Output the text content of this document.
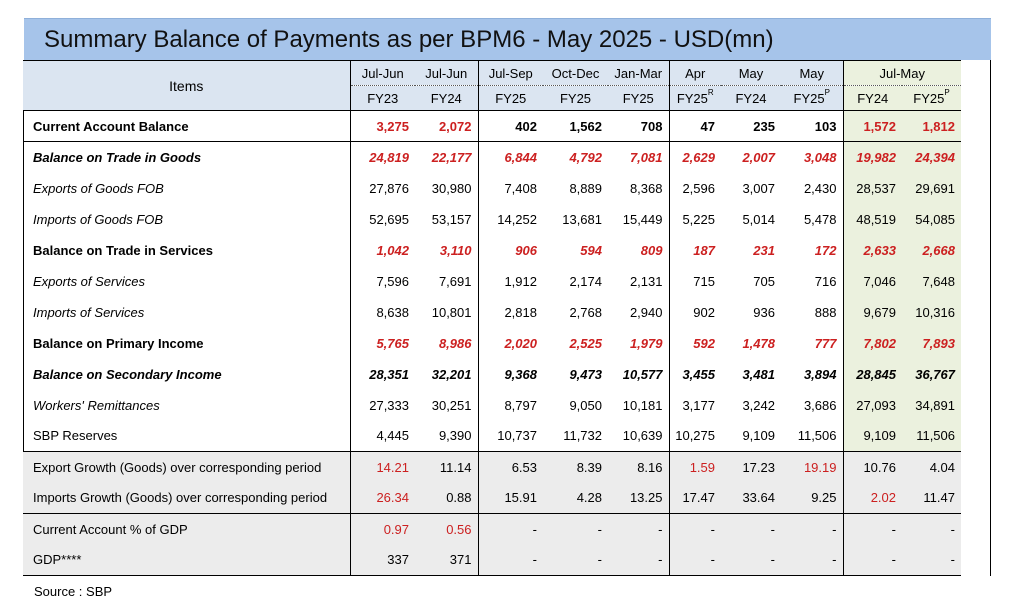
Summary Balance of Payments as per BPM6 - May 2025 - USD(mn)
Items	Jul-Jun	Jul-Jun	Jul-Sep	Oct-Dec	Jan-Mar	Apr	May	May	Jul-May	
	FY23	FY24	FY25	FY25	FY25	$FY25^R$	FY24	$FY25^P$	FY24	$FY25^P$
Current Account Balance	3,275	2,072	402	1,562	708	47	235	103	1,572	1,812
Balance on Trade in Goods	24,819	22,177	6,844	4,792	7,081	2,629	2,007	3,048	19,982	24,394
Exports of Goods FOB	27,876	30,980	7,408	8,889	8,368	2,596	3,007	2,430	28,537	29,691
Imports of Goods FOB	52,695	53,157	14,252	13,681	15,449	5,225	5,014	5,478	48,519	54,085
Balance on Trade in Services	1,042	3,110	906	594	809	187	231	172	2,633	2,668
Exports of Services	7,596	7,691	1,912	2,174	2,131	715	705	716	7,046	7,648
Imports of Services	8,638	10,801	2,818	2,768	2,940	902	936	888	9,679	10,316
Balance on Primary Income	5,765	8,986	2,020	2,525	1,979	592	1,478	777	7,802	7,893
Balance on Secondary Income	28,351	32,201	9,368	9,473	10,577	3,455	3,481	3,894	28,845	36,767
Workers' Remittances	27,333	30,251	8,797	9,050	10,181	3,177	3,242	3,686	27,093	34,891
SBP Reserves	4,445	9,390	10,737	11,732	10,639	10,275	9,109	11,506	9,109	11,506
Export Growth (Goods) over corresponding period	14.21	11.14	6.53	8.39	8.16	1.59	17.23	19.19	10.76	4.04
Imports Growth (Goods) over corresponding period	26.34	0.88	15.91	4.28	13.25	17.47	33.64	9.25	2.02	11.47
Current Account % of GDP	0.97	0.56	-	-	-	-	-	-	-	-
GDP****	337	371	-	-	-	-	-	-	-	-
Source : SBP
